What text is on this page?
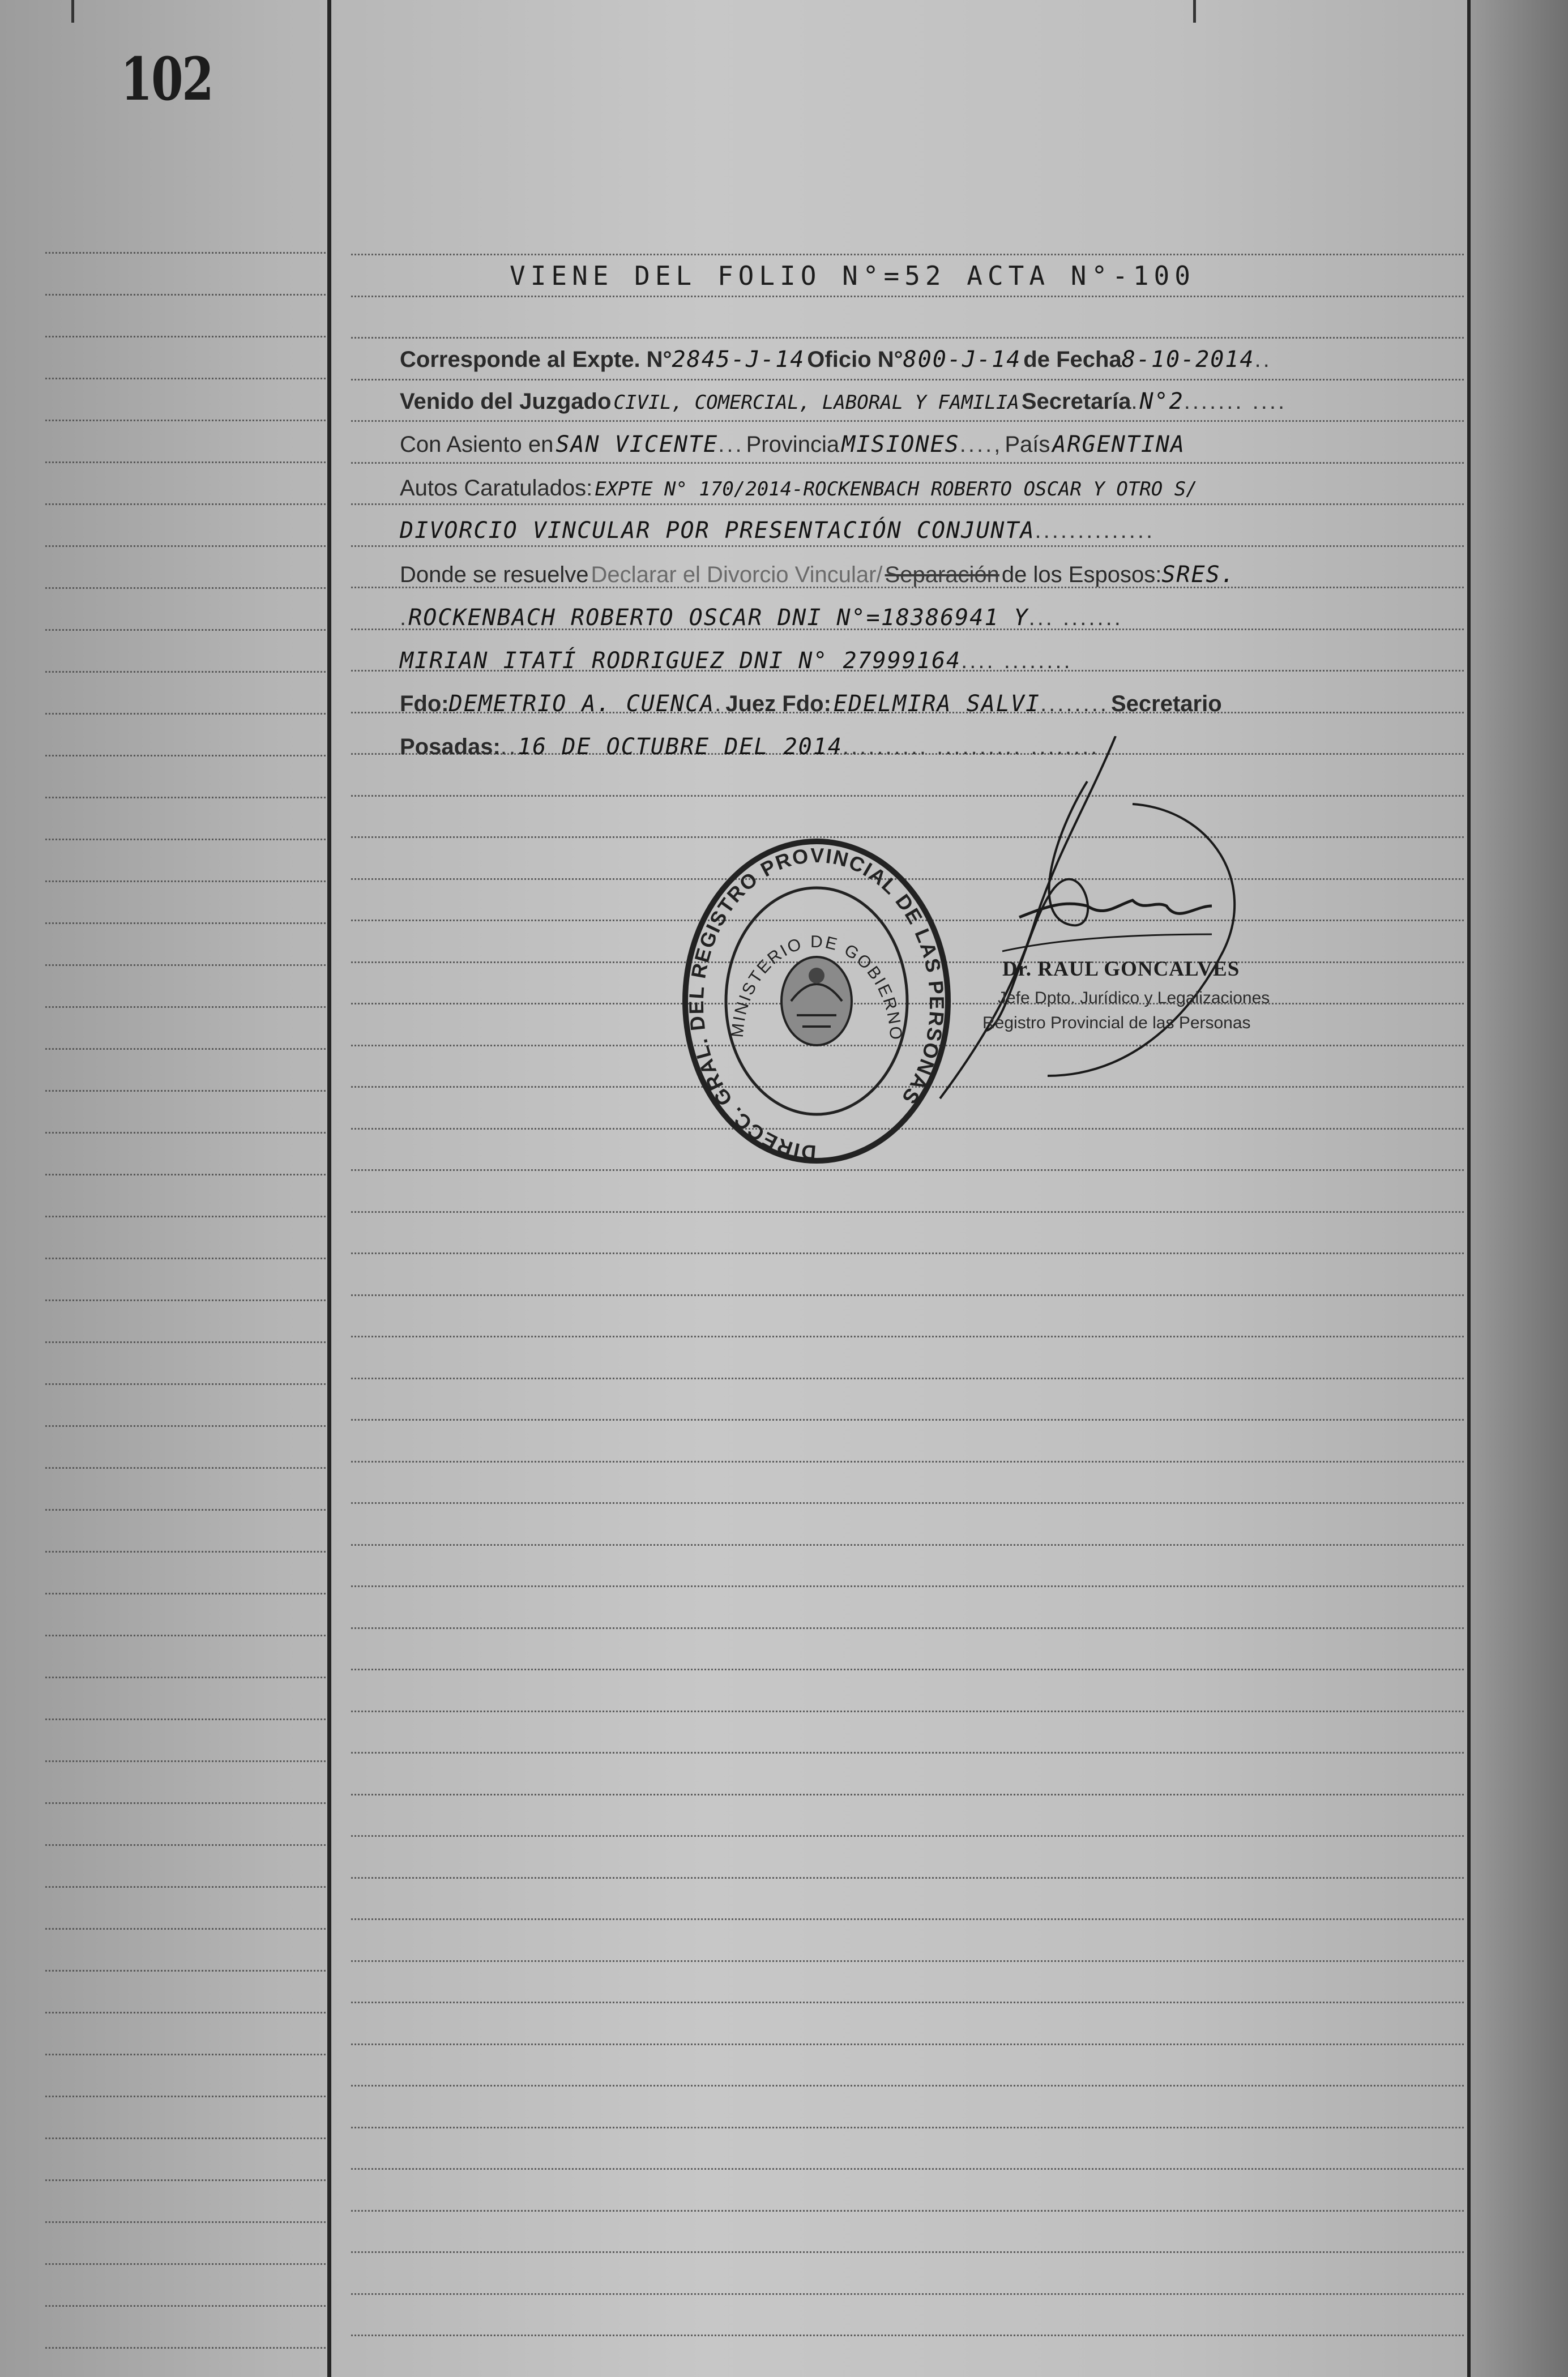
102
VIENE DEL FOLIO N°=52 ACTA N°-100
Corresponde al Expte. N°2845-J-14 Oficio N°800-J-14 de Fecha8-10-2014..
Venido del Juzgado CIVIL, COMERCIAL, LABORAL Y FAMILIA Secretaría.N°2....... ....
Con Asiento en SAN VICENTE... Provincia MISIONES...., País ARGENTINA
Autos Caratulados: EXPTE N° 170/2014-ROCKENBACH ROBERTO OSCAR Y OTRO S/
DIVORCIO VINCULAR POR PRESENTACIÓN CONJUNTA..............
Donde se resuelve Declarar el Divorcio Vincular/ Separación de los Esposos:SRES.
.ROCKENBACH ROBERTO OSCAR DNI N°=18386941 Y... .......
MIRIAN ITATÍ RODRIGUEZ DNI N° 27999164.... ........
Fdo:DEMETRIO A. CUENCA. Juez Fdo: EDELMIRA SALVI........ Secretario
Posadas:..16 DE OCTUBRE DEL 2014.......... .......... ........
DIRECC. GRAL. DEL REGISTRO PROVINCIAL DE LAS PERSONAS
MINISTERIO DE GOBIERNO
Dr. RAUL GONCALVES
Jefe Dpto. Jurídico y Legalizaciones
Registro Provincial de las Personas
